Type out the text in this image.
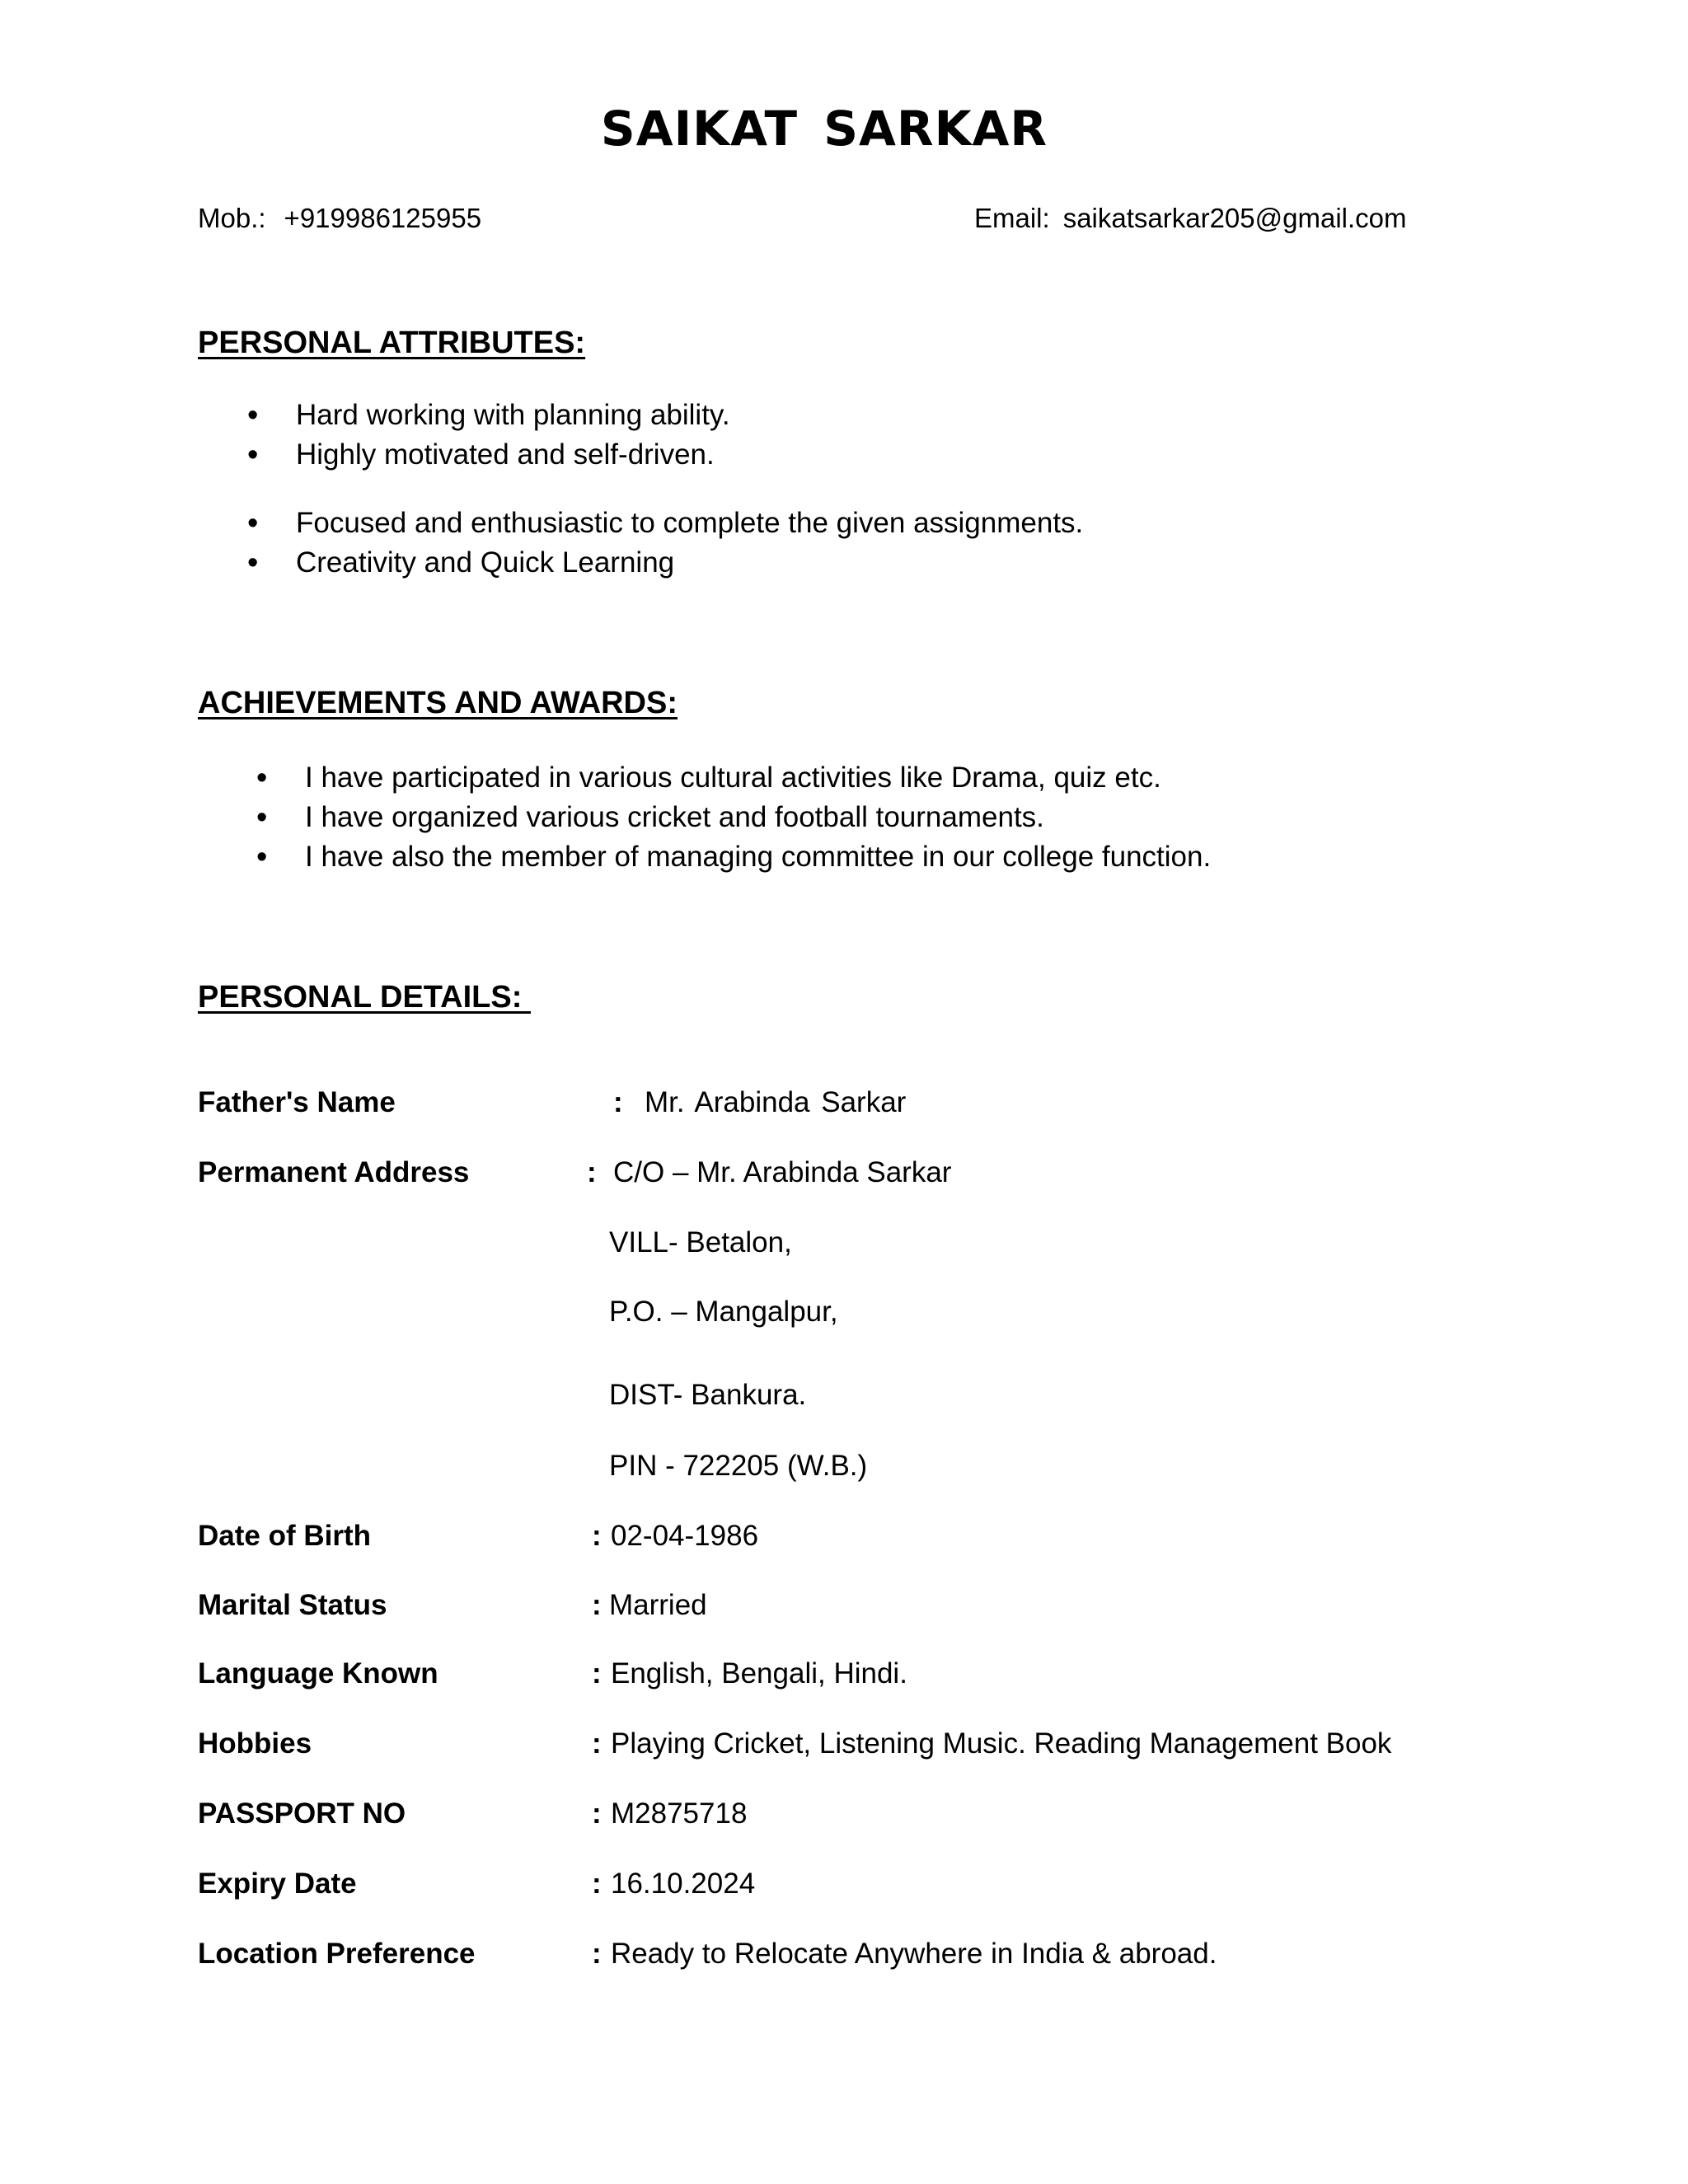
SAIKAT SARKAR
Mob.: +919986125955	Email: saikatsarkar205@gmail.com
PERSONAL ATTRIBUTES:
• Hard working with planning ability.
• Highly motivated and self-driven.
• Focused and enthusiastic to complete the given assignments.
• Creativity and Quick Learning
ACHIEVEMENTS AND AWARDS:
• I have participated in various cultural activities like Drama, quiz etc.
• I have organized various cricket and football tournaments.
• I have also the member of managing committee in our college function.
PERSONAL DETAILS:
Father's Name	: Mr. Arabinda Sarkar
Permanent Address	: C/O – Mr. Arabinda Sarkar
VILL- Betalon,
P.O. – Mangalpur,
DIST- Bankura.
PIN - 722205 (W.B.)
Date of Birth	: 02-04-1986
Marital Status	: Married
Language Known	: English, Bengali, Hindi.
Hobbies	: Playing Cricket, Listening Music. Reading Management Book
PASSPORT NO	: M2875718
Expiry Date	: 16.10.2024
Location Preference	: Ready to Relocate Anywhere in India & abroad.
